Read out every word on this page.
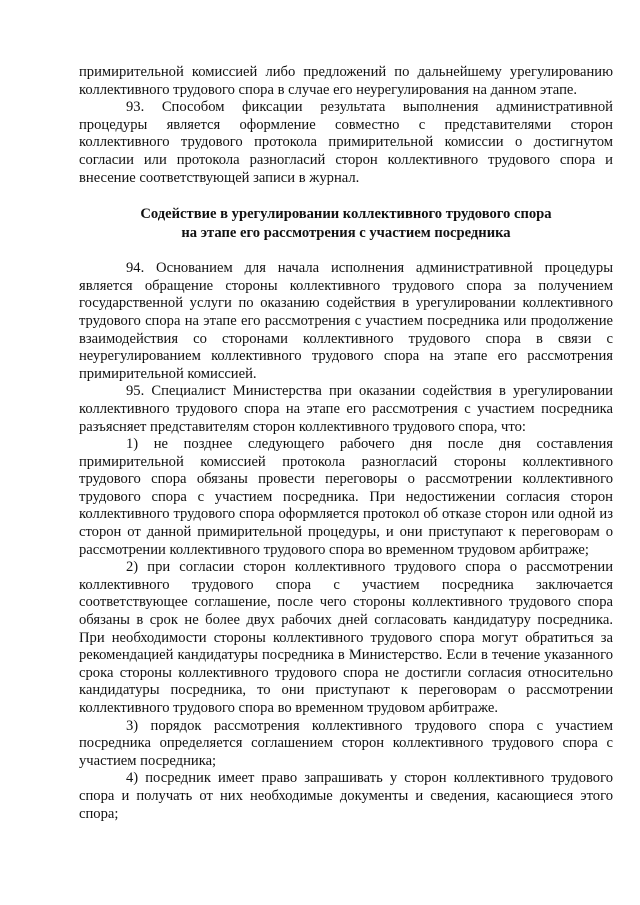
примирительной комиссией либо предложений по дальнейшему урегулированию коллективного трудового спора в случае его неурегулирования на данном этапе.

93. Способом фиксации результата выполнения административной процедуры является оформление совместно с представителями сторон коллективного трудового протокола примирительной комиссии о достигнутом согласии или протокола разногласий сторон коллективного трудового спора и внесение соответствующей записи в журнал.

Содействие в урегулировании коллективного трудового спора
на этапе его рассмотрения с участием посредника

94. Основанием для начала исполнения административной процедуры является обращение стороны коллективного трудового спора за получением государственной услуги по оказанию содействия в урегулировании коллективного трудового спора на этапе его рассмотрения с участием посредника или продолжение взаимодействия со сторонами коллективного трудового спора в связи с неурегулированием коллективного трудового спора на этапе его рассмотрения примирительной комиссией.

95. Специалист Министерства при оказании содействия в урегулировании коллективного трудового спора на этапе его рассмотрения с участием посредника разъясняет представителям сторон коллективного трудового спора, что:

1) не позднее следующего рабочего дня после дня составления примирительной комиссией протокола разногласий стороны коллективного трудового спора обязаны провести переговоры о рассмотрении коллективного трудового спора с участием посредника. При недостижении согласия сторон коллективного трудового спора оформляется протокол об отказе сторон или одной из сторон от данной примирительной процедуры, и они приступают к переговорам о рассмотрении коллективного трудового спора во временном трудовом арбитраже;

2) при согласии сторон коллективного трудового спора о рассмотрении коллективного трудового спора с участием посредника заключается соответствующее соглашение, после чего стороны коллективного трудового спора обязаны в срок не более двух рабочих дней согласовать кандидатуру посредника. При необходимости стороны коллективного трудового спора могут обратиться за рекомендацией кандидатуры посредника в Министерство. Если в течение указанного срока стороны коллективного трудового спора не достигли согласия относительно кандидатуры посредника, то они приступают к переговорам о рассмотрении коллективного трудового спора во временном трудовом арбитраже.

3) порядок рассмотрения коллективного трудового спора с участием посредника определяется соглашением сторон коллективного трудового спора с участием посредника;

4) посредник имеет право запрашивать у сторон коллективного трудового спора и получать от них необходимые документы и сведения, касающиеся этого спора;
